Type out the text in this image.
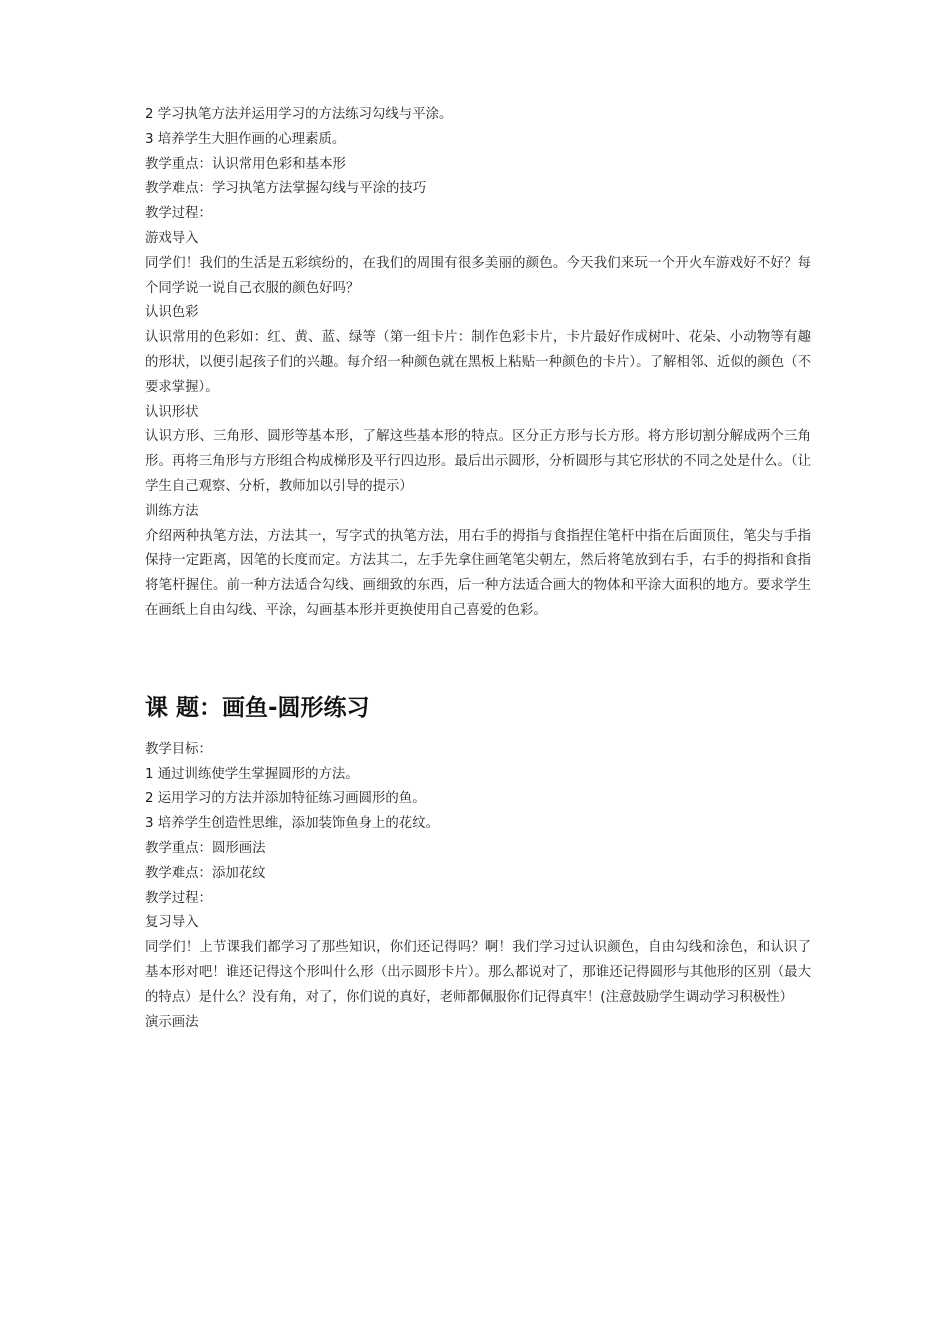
2 学习执笔方法并运用学习的方法练习勾线与平涂。

3 培养学生大胆作画的心理素质。

教学重点：认识常用色彩和基本形

教学难点：学习执笔方法掌握勾线与平涂的技巧

教学过程：

游戏导入

同学们！我们的生活是五彩缤纷的，在我们的周围有很多美丽的颜色。今天我们来玩一个开火车游戏好不好？每个同学说一说自己衣服的颜色好吗？

认识色彩

认识常用的色彩如：红、黄、蓝、绿等（第一组卡片：制作色彩卡片，卡片最好作成树叶、花朵、小动物等有趣的形状，以便引起孩子们的兴趣。每介绍一种颜色就在黑板上粘贴一种颜色的卡片）。了解相邻、近似的颜色（不要求掌握）。

认识形状

认识方形、三角形、圆形等基本形，了解这些基本形的特点。区分正方形与长方形。将方形切割分解成两个三角形。再将三角形与方形组合构成梯形及平行四边形。最后出示圆形，分析圆形与其它形状的不同之处是什么。（让学生自己观察、分析，教师加以引导的提示）

训练方法

介绍两种执笔方法，方法其一，写字式的执笔方法，用右手的拇指与食指捏住笔杆中指在后面顶住，笔尖与手指保持一定距离，因笔的长度而定。方法其二，左手先拿住画笔笔尖朝左，然后将笔放到右手，右手的拇指和食指将笔杆握住。前一种方法适合勾线、画细致的东西，后一种方法适合画大的物体和平涂大面积的地方。要求学生在画纸上自由勾线、平涂，勾画基本形并更换使用自己喜爱的色彩。

课 题：画鱼-圆形练习

教学目标：

1 通过训练使学生掌握圆形的方法。

2 运用学习的方法并添加特征练习画圆形的鱼。

3 培养学生创造性思维，添加装饰鱼身上的花纹。

教学重点：圆形画法

教学难点：添加花纹

教学过程：

复习导入

同学们！上节课我们都学习了那些知识，你们还记得吗？啊！我们学习过认识颜色，自由勾线和涂色，和认识了基本形对吧！谁还记得这个形叫什么形（出示圆形卡片）。那么都说对了，那谁还记得圆形与其他形的区别（最大的特点）是什么？没有角，对了，你们说的真好，老师都佩服你们记得真牢！(注意鼓励学生调动学习积极性）

演示画法
